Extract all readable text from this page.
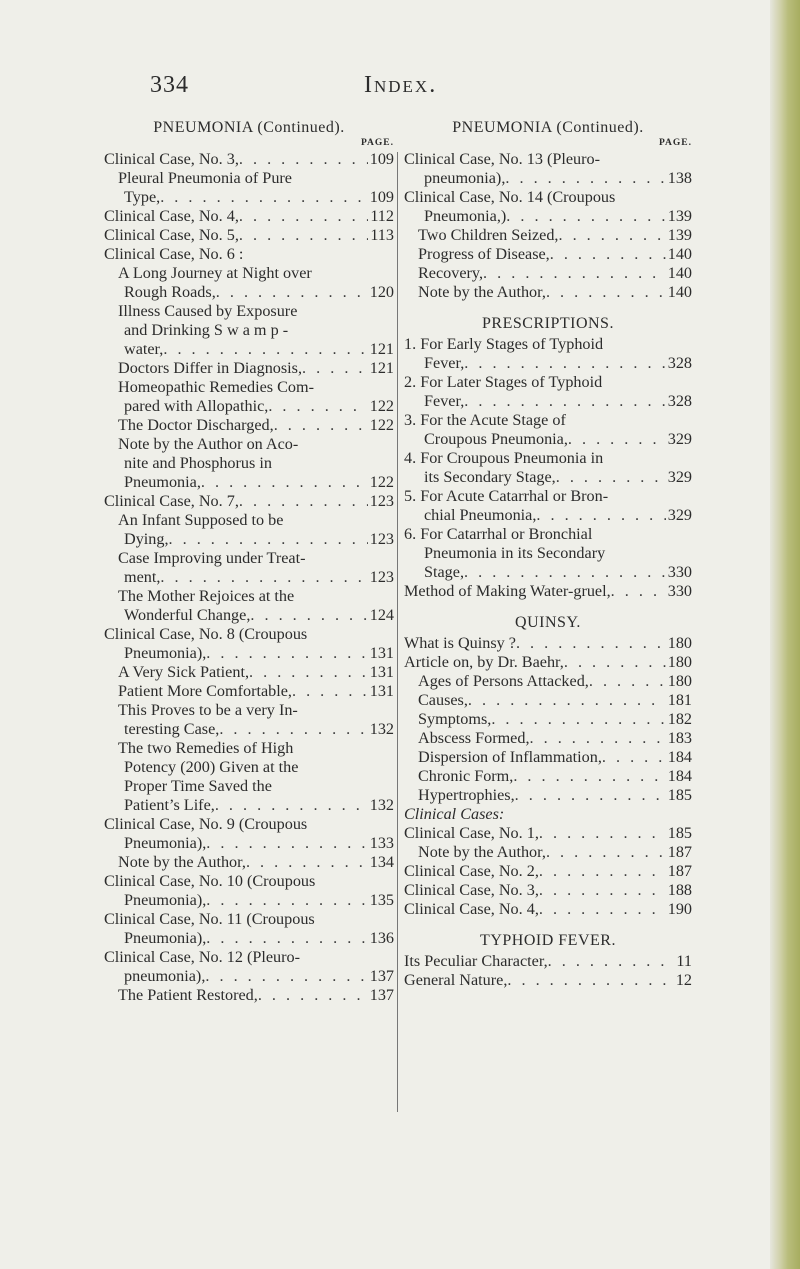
334	Index.
PNEUMONIA (Continued).
PAGE.
Clinical Case, No. 3, . . .	109
Pleural Pneumonia of Pure
Type, . . .	109
Clinical Case, No. 4, . . .	112
Clinical Case, No. 5, . . .	113
Clinical Case, No. 6 :
A Long Journey at Night over
Rough Roads, . . .	120
Illness Caused by Exposure
and Drinking S w a m p -
water, . . .	121
Doctors Differ in Diagnosis, . . .	121
Homeopathic Remedies Com-
pared with Allopathic, . . .	122
The Doctor Discharged, . . .	122
Note by the Author on Aco-
nite and Phosphorus in
Pneumonia, . . .	122
Clinical Case, No. 7, . . .	123
An Infant Supposed to be
Dying, . . .	123
Case Improving under Treat-
ment, . . .	123
The Mother Rejoices at the
Wonderful Change, . . .	124
Clinical Case, No. 8 (Croupous
Pneumonia), . . .	131
A Very Sick Patient, . . .	131
Patient More Comfortable, . . .	131
This Proves to be a very In-
teresting Case, . . .	132
The two Remedies of High
Potency (200) Given at the
Proper Time Saved the
Patient’s Life, . . .	132
Clinical Case, No. 9 (Croupous
Pneumonia), . . .	133
Note by the Author, . . .	134
Clinical Case, No. 10 (Croupous
Pneumonia), . . .	135
Clinical Case, No. 11 (Croupous
Pneumonia), . . .	136
Clinical Case, No. 12 (Pleuro-
pneumonia), . . .	137
The Patient Restored, . . .	137
PNEUMONIA (Continued).
PAGE.
Clinical Case, No. 13 (Pleuro-
pneumonia), . . .	138
Clinical Case, No. 14 (Croupous
Pneumonia,) . . .	139
Two Children Seized, . . .	139
Progress of Disease, . . .	140
Recovery, . . .	140
Note by the Author, . . .	140
PRESCRIPTIONS.
1. For Early Stages of Typhoid
Fever, . . .	328
2. For Later Stages of Typhoid
Fever, . . .	328
3. For the Acute Stage of
Croupous Pneumonia, . . .	329
4. For Croupous Pneumonia in
its Secondary Stage, . . .	329
5. For Acute Catarrhal or Bron-
chial Pneumonia, . . .	329
6. For Catarrhal or Bronchial
Pneumonia in its Secondary
Stage, . . .	330
Method of Making Water-gruel, . . .	330
QUINSY.
What is Quinsy ? . . .	180
Article on, by Dr. Baehr, . . .	180
Ages of Persons Attacked, . . .	180
Causes, . . .	181
Symptoms, . . .	182
Abscess Formed, . . .	183
Dispersion of Inflammation, . . .	184
Chronic Form, . . .	184
Hypertrophies, . . .	185
Clinical Cases:
Clinical Case, No. 1, . . .	185
Note by the Author, . . .	187
Clinical Case, No. 2, . . .	187
Clinical Case, No. 3, . . .	188
Clinical Case, No. 4, . . .	190
TYPHOID FEVER.
Its Peculiar Character, . . .	11
General Nature, . . .	12
